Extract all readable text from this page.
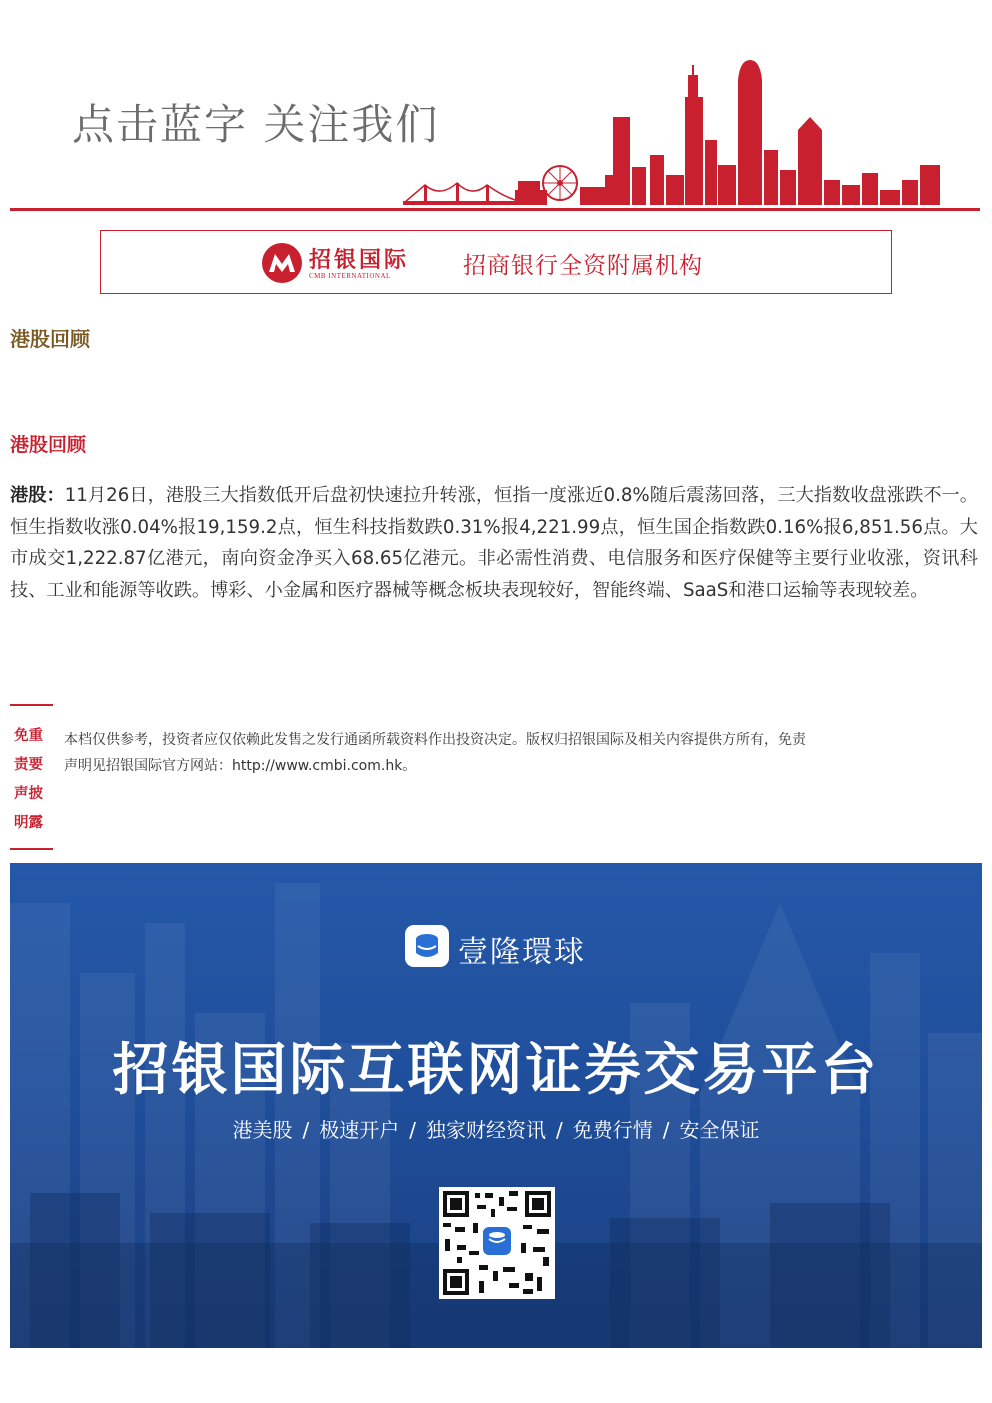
点击蓝字 关注我们
招银国际
CMB INTERNATIONAL	招商银行全资附属机构
港股回顾
港股回顾
港股：11月26日，港股三大指数低开后盘初快速拉升转涨，恒指一度涨近0.8%随后震荡回落，三大指数收盘涨跌不一。恒生指数收涨0.04%报19,159.2点，恒生科技指数跌0.31%报4,221.99点，恒生国企指数跌0.16%报6,851.56点。大市成交1,222.87亿港元，南向资金净买入68.65亿港元。非必需性消费、电信服务和医疗保健等主要行业收涨，资讯科技、工业和能源等收跌。博彩、小金属和医疗器械等概念板块表现较好，智能终端、SaaS和港口运输等表现较差。
免重
责要
声披
明露
本档仅供参考，投资者应仅依赖此发售之发行通函所载资料作出投资决定。版权归招银国际及相关内容提供方所有，免责
声明见招银国际官方网站：http://www.cmbi.com.hk。
壹隆環球
招银国际互联网证券交易平台
港美股 / 极速开户 / 独家财经资讯 / 免费行情 / 安全保证
